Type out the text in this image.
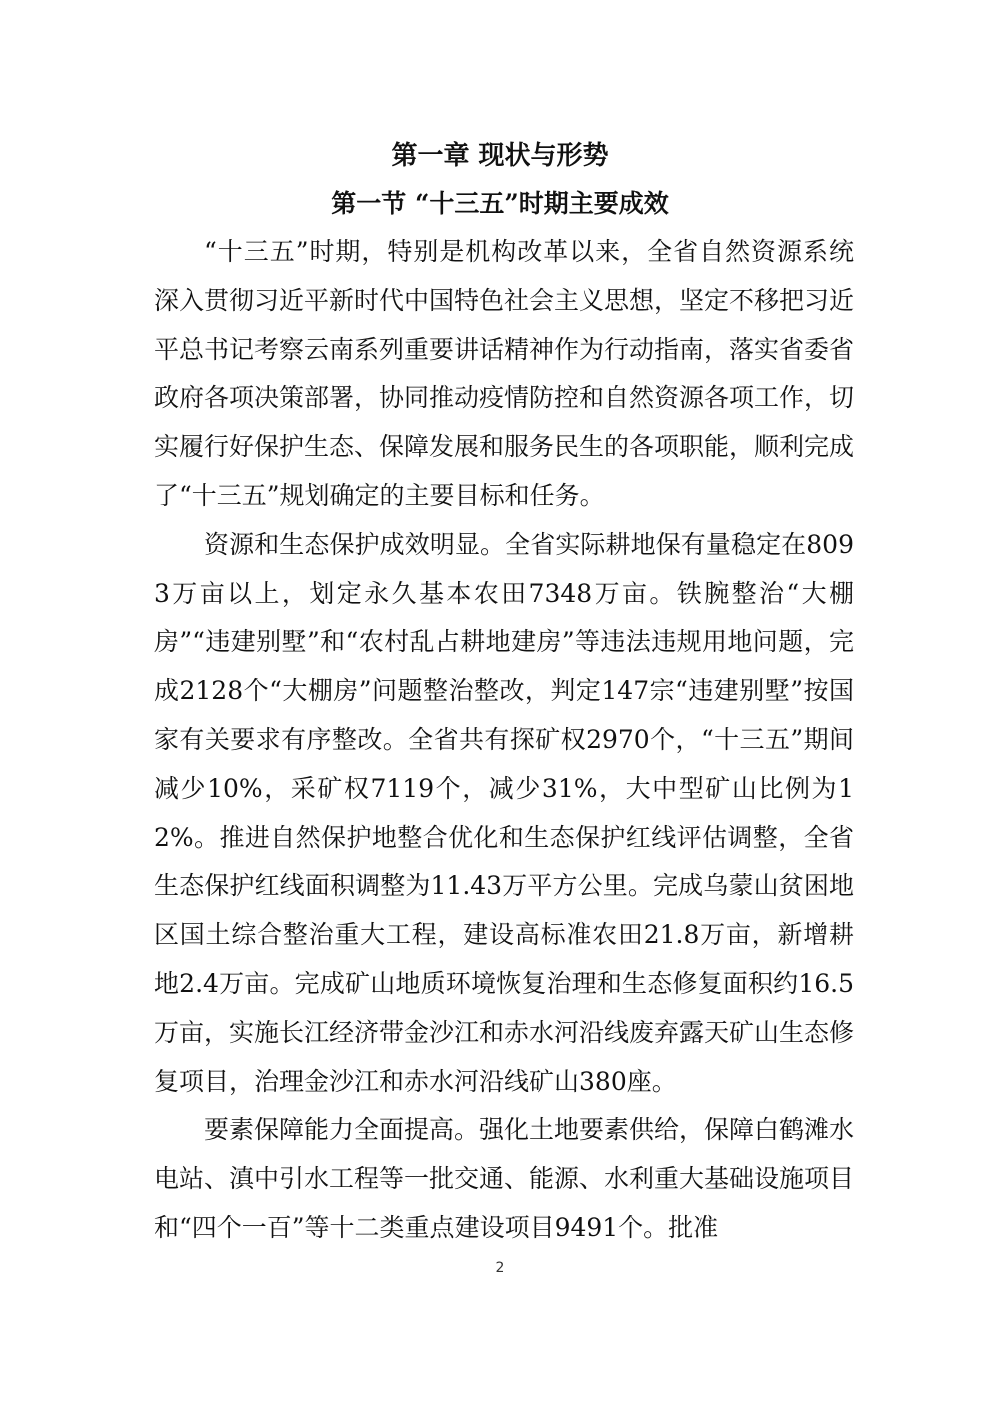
第一章 现状与形势
第一节 “十三五”时期主要成效

“十三五”时期，特别是机构改革以来，全省自然资源系统深入贯彻习近平新时代中国特色社会主义思想，坚定不移把习近平总书记考察云南系列重要讲话精神作为行动指南，落实省委省政府各项决策部署，协同推动疫情防控和自然资源各项工作，切实履行好保护生态、保障发展和服务民生的各项职能，顺利完成了“十三五”规划确定的主要目标和任务。

资源和生态保护成效明显。全省实际耕地保有量稳定在8093万亩以上，划定永久基本农田7348万亩。铁腕整治“大棚房”“违建别墅”和“农村乱占耕地建房”等违法违规用地问题，完成2128个“大棚房”问题整治整改，判定147宗“违建别墅”按国家有关要求有序整改。全省共有探矿权2970个，“十三五”期间减少10%，采矿权7119个，减少31%，大中型矿山比例为12%。推进自然保护地整合优化和生态保护红线评估调整，全省生态保护红线面积调整为11.43万平方公里。完成乌蒙山贫困地区国土综合整治重大工程，建设高标准农田21.8万亩，新增耕地2.4万亩。完成矿山地质环境恢复治理和生态修复面积约16.5万亩，实施长江经济带金沙江和赤水河沿线废弃露天矿山生态修复项目，治理金沙江和赤水河沿线矿山380座。

要素保障能力全面提高。强化土地要素供给，保障白鹤滩水电站、滇中引水工程等一批交通、能源、水利重大基础设施项目和“四个一百”等十二类重点建设项目9491个。批准

2
